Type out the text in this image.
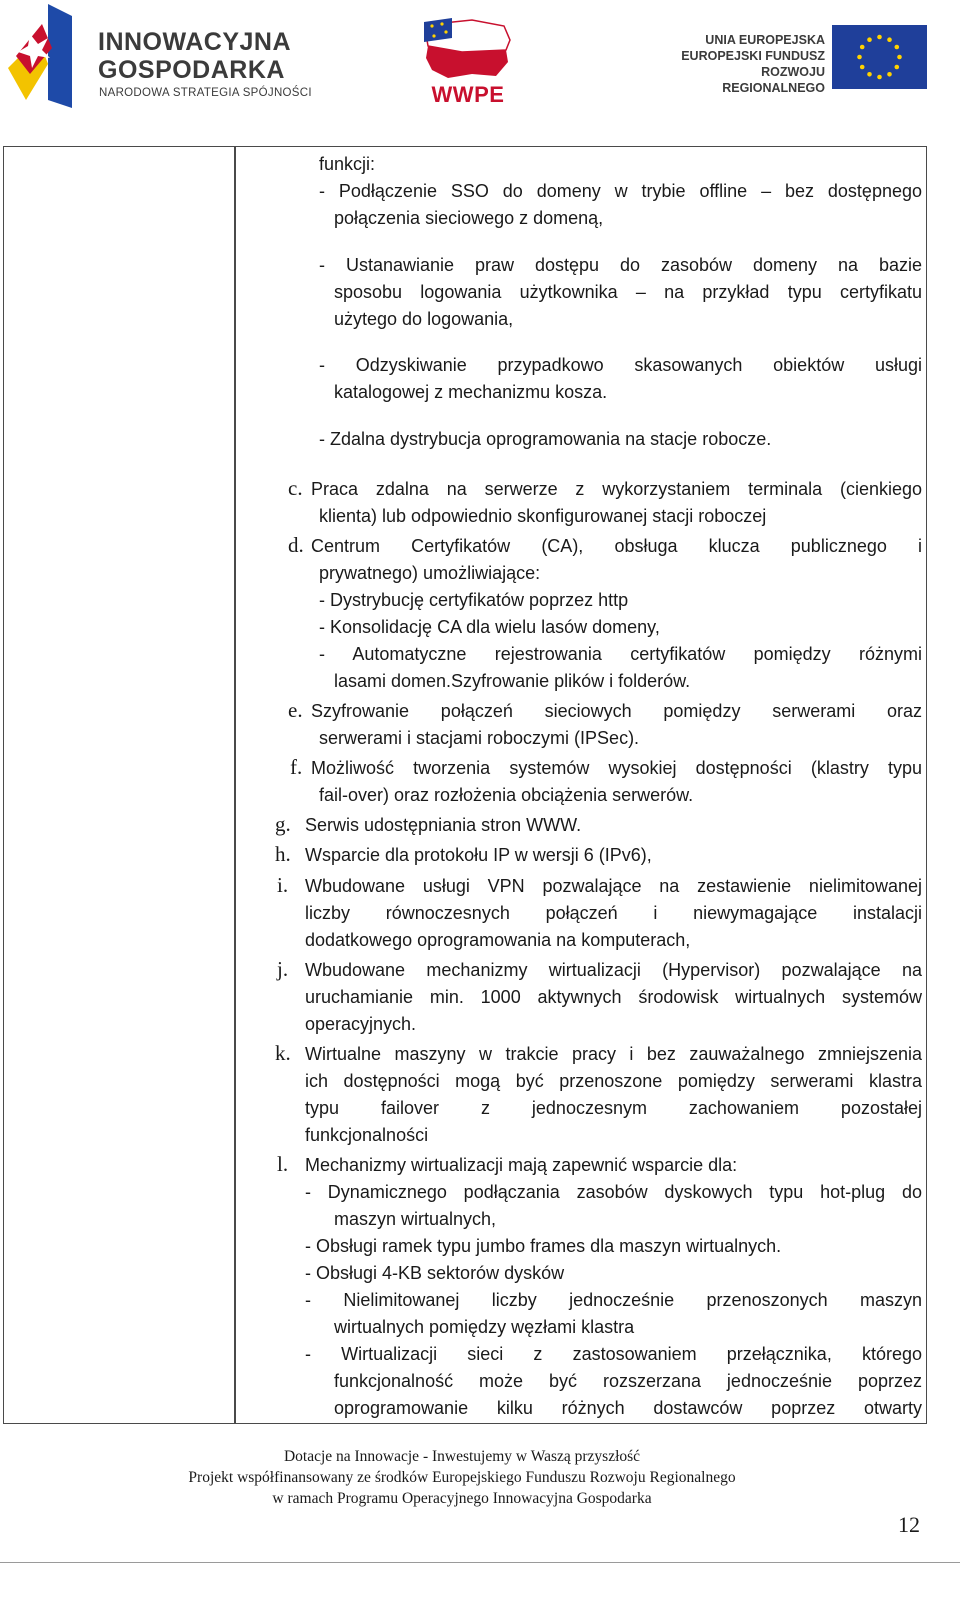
INNOWACYJNA
GOSPODARKA
NARODOWA STRATEGIA SPÓJNOŚCI	WWPE
UNIA EUROPEJSKA
EUROPEJSKI FUNDUSZ
ROZWOJU REGIONALNEGO
funkcji:
- Podłączenie SSO do domeny w trybie offline – bez dostępnego
połączenia sieciowego z domeną,
- Ustanawianie praw dostępu do zasobów domeny na bazie
sposobu logowania użytkownika – na przykład typu certyfikatu
użytego do logowania,
- Odzyskiwanie przypadkowo skasowanych obiektów usługi
katalogowej z mechanizmu kosza.
- Zdalna dystrybucja oprogramowania na stacje robocze.
c. Praca zdalna na serwerze z wykorzystaniem terminala (cienkiego
klienta) lub odpowiednio skonfigurowanej stacji roboczej
d. Centrum Certyfikatów (CA), obsługa klucza publicznego i
prywatnego) umożliwiające:
- Dystrybucję certyfikatów poprzez http
- Konsolidację CA dla wielu lasów domeny,
- Automatyczne rejestrowania certyfikatów pomiędzy różnymi
lasami domen.Szyfrowanie plików i folderów.
e. Szyfrowanie połączeń sieciowych pomiędzy serwerami oraz
serwerami i stacjami roboczymi (IPSec).
f. Możliwość tworzenia systemów wysokiej dostępności (klastry typu
fail-over) oraz rozłożenia obciążenia serwerów.
g. Serwis udostępniania stron WWW.
h. Wsparcie dla protokołu IP w wersji 6 (IPv6),
i. Wbudowane usługi VPN pozwalające na zestawienie nielimitowanej
liczby równoczesnych połączeń i niewymagające instalacji
dodatkowego oprogramowania na komputerach,
j. Wbudowane mechanizmy wirtualizacji (Hypervisor) pozwalające na
uruchamianie min. 1000 aktywnych środowisk wirtualnych systemów
operacyjnych.
k. Wirtualne maszyny w trakcie pracy i bez zauważalnego zmniejszenia
ich dostępności mogą być przenoszone pomiędzy serwerami klastra
typu failover z jednoczesnym zachowaniem pozostałej
funkcjonalności
l. Mechanizmy wirtualizacji mają zapewnić wsparcie dla:
- Dynamicznego podłączania zasobów dyskowych typu hot-plug do
maszyn wirtualnych,
- Obsługi ramek typu jumbo frames dla maszyn wirtualnych.
- Obsługi 4-KB sektorów dysków
- Nielimitowanej liczby jednocześnie przenoszonych maszyn
wirtualnych pomiędzy węzłami klastra
- Wirtualizacji sieci z zastosowaniem przełącznika, którego
funkcjonalność może być rozszerzana jednocześnie poprzez
oprogramowanie kilku różnych dostawców poprzez otwarty
Dotacje na Innowacje - Inwestujemy w Waszą przyszłość
Projekt współfinansowany ze środków Europejskiego Funduszu Rozwoju Regionalnego
w ramach Programu Operacyjnego Innowacyjna Gospodarka
12
